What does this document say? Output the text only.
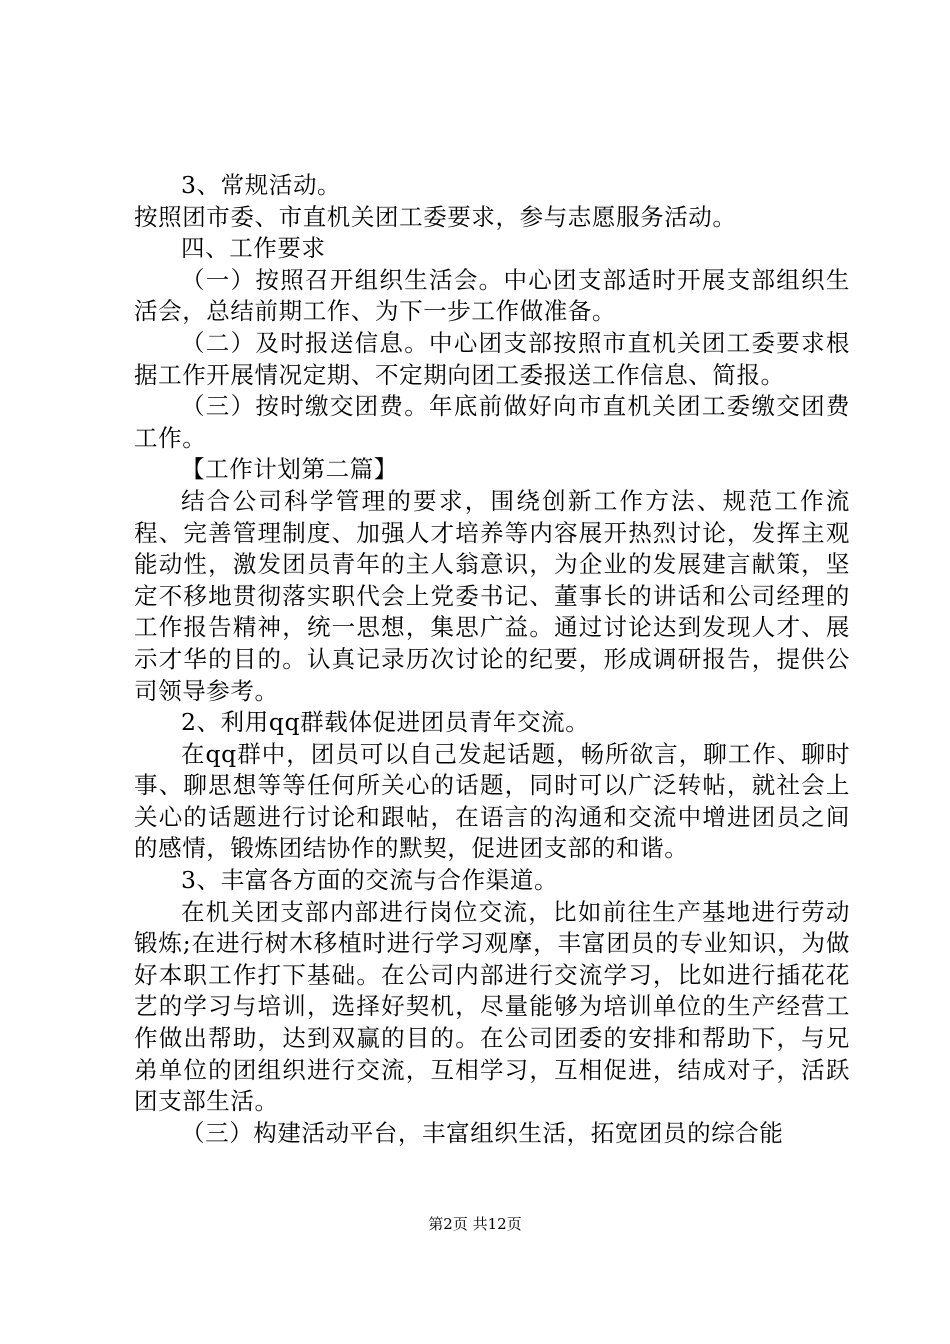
3、常规活动。

按照团市委、市直机关团工委要求，参与志愿服务活动。

四、工作要求

（一）按照召开组织生活会。中心团支部适时开展支部组织生活会，总结前期工作、为下一步工作做准备。

（二）及时报送信息。中心团支部按照市直机关团工委要求根据工作开展情况定期、不定期向团工委报送工作信息、简报。

（三）按时缴交团费。年底前做好向市直机关团工委缴交团费工作。

【工作计划第二篇】

结合公司科学管理的要求，围绕创新工作方法、规范工作流程、完善管理制度、加强人才培养等内容展开热烈讨论，发挥主观能动性，激发团员青年的主人翁意识，为企业的发展建言献策，坚定不移地贯彻落实职代会上党委书记、董事长的讲话和公司经理的工作报告精神，统一思想，集思广益。通过讨论达到发现人才、展示才华的目的。认真记录历次讨论的纪要，形成调研报告，提供公司领导参考。

2、利用qq群载体促进团员青年交流。

在qq群中，团员可以自己发起话题，畅所欲言，聊工作、聊时事、聊思想等等任何所关心的话题，同时可以广泛转帖，就社会上关心的话题进行讨论和跟帖，在语言的沟通和交流中增进团员之间的感情，锻炼团结协作的默契，促进团支部的和谐。

3、丰富各方面的交流与合作渠道。

在机关团支部内部进行岗位交流，比如前往生产基地进行劳动锻炼;在进行树木移植时进行学习观摩，丰富团员的专业知识，为做好本职工作打下基础。在公司内部进行交流学习，比如进行插花花艺的学习与培训，选择好契机，尽量能够为培训单位的生产经营工作做出帮助，达到双赢的目的。在公司团委的安排和帮助下，与兄弟单位的团组织进行交流，互相学习，互相促进，结成对子，活跃团支部生活。

（三）构建活动平台，丰富组织生活，拓宽团员的综合能

第2页 共12页
